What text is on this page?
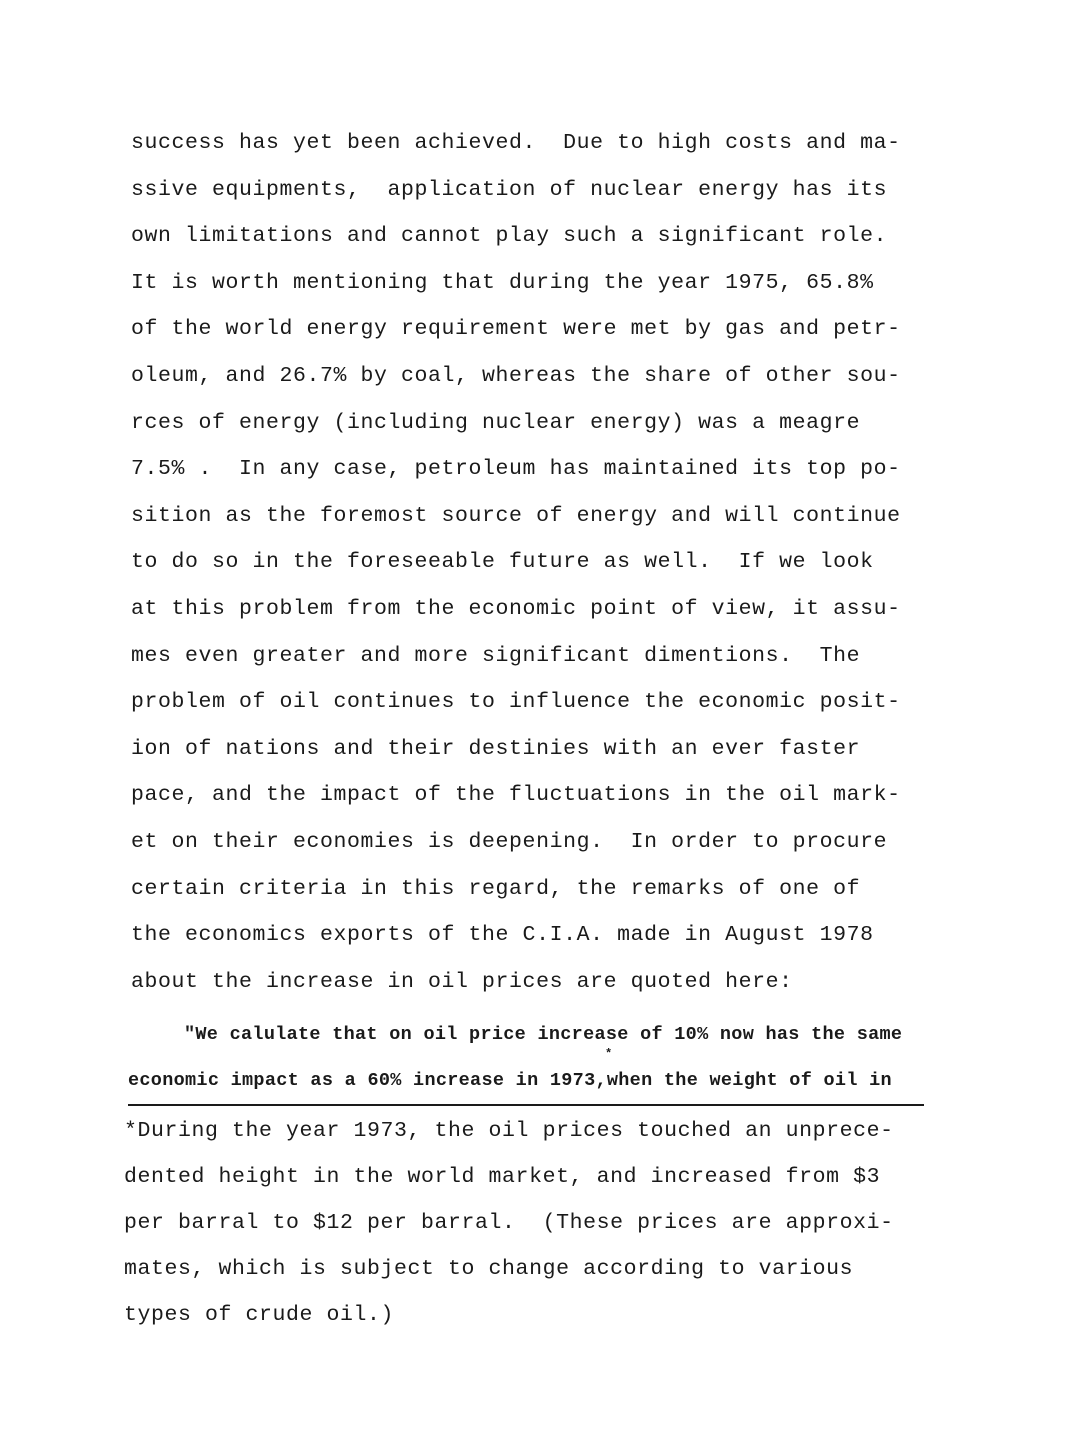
success has yet been achieved.  Due to high costs and ma-
ssive equipments,  application of nuclear energy has its
own limitations and cannot play such a significant role.
It is worth mentioning that during the year 1975, 65.8%
of the world energy requirement were met by gas and petr-
oleum, and 26.7% by coal, whereas the share of other sou-
rces of energy (including nuclear energy) was a meagre
7.5% .  In any case, petroleum has maintained its top po-
sition as the foremost source of energy and will continue
to do so in the foreseeable future as well.  If we look
at this problem from the economic point of view, it assu-
mes even greater and more significant dimentions.  The
problem of oil continues to influence the economic posit-
ion of nations and their destinies with an ever faster
pace, and the impact of the fluctuations in the oil mark-
et on their economies is deepening.  In order to procure
certain criteria in this regard, the remarks of one of
the economics exports of the C.I.A. made in August 1978
about the increase in oil prices are quoted here:
"We calulate that on oil price increase of 10% now has the same
economic impact as a 60% increase in 1973,when the weight of oil in
*
*During the year 1973, the oil prices touched an unprece-
dented height in the world market, and increased from $3
per barral to $12 per barral.  (These prices are approxi-
mates, which is subject to change according to various
types of crude oil.)
